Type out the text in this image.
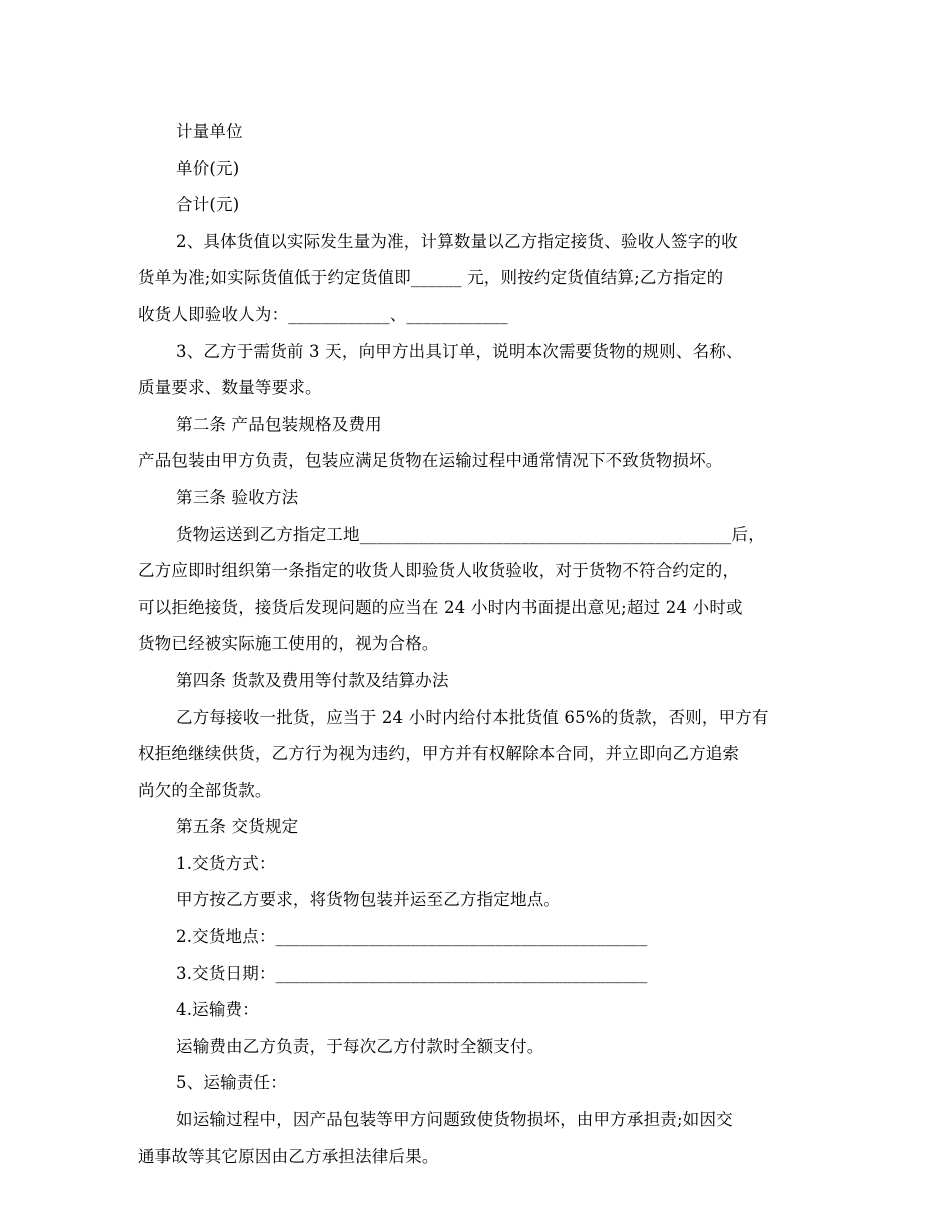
计量单位
单价(元)
合计(元)
2、具体货值以实际发生量为准，计算数量以乙方指定接货、验收人签字的收
货单为准;如实际货值低于约定货值即______ 元，则按约定货值结算;乙方指定的
收货人即验收人为：____________、____________
3、乙方于需货前 3 天，向甲方出具订单，说明本次需要货物的规则、名称、
质量要求、数量等要求。
第二条 产品包装规格及费用
产品包装由甲方负责，包装应满足货物在运输过程中通常情况下不致货物损坏。
第三条 验收方法
货物运送到乙方指定工地____________________________________________后，
乙方应即时组织第一条指定的收货人即验货人收货验收，对于货物不符合约定的，
可以拒绝接货，接货后发现问题的应当在 24 小时内书面提出意见;超过 24 小时或
货物已经被实际施工使用的，视为合格。
第四条 货款及费用等付款及结算办法
乙方每接收一批货，应当于 24 小时内给付本批货值 65%的货款，否则，甲方有
权拒绝继续供货，乙方行为视为违约，甲方并有权解除本合同，并立即向乙方追索
尚欠的全部货款。
第五条 交货规定
1.交货方式：
甲方按乙方要求，将货物包装并运至乙方指定地点。
2.交货地点：____________________________________________
3.交货日期：____________________________________________
4.运输费：
运输费由乙方负责，于每次乙方付款时全额支付。
5、运输责任：
如运输过程中，因产品包装等甲方问题致使货物损坏，由甲方承担责;如因交
通事故等其它原因由乙方承担法律后果。
